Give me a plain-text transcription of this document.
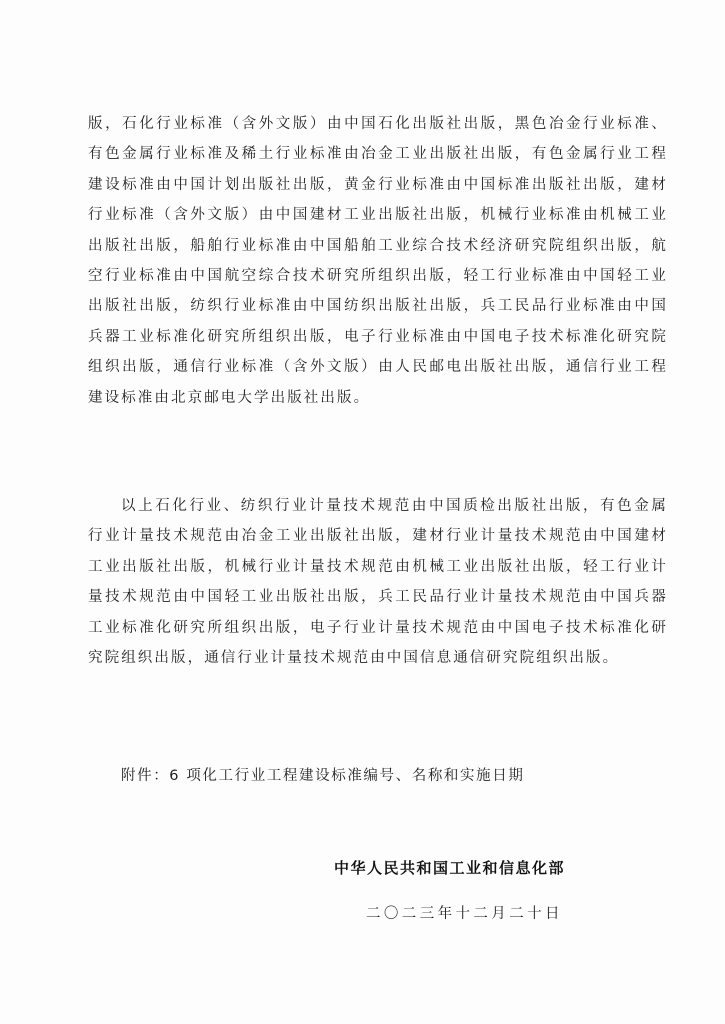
版，石化行业标准（含外文版）由中国石化出版社出版，黑色冶金行业标准、有色金属行业标准及稀土行业标准由冶金工业出版社出版，有色金属行业工程建设标准由中国计划出版社出版，黄金行业标准由中国标准出版社出版，建材行业标准（含外文版）由中国建材工业出版社出版，机械行业标准由机械工业出版社出版，船舶行业标准由中国船舶工业综合技术经济研究院组织出版，航空行业标准由中国航空综合技术研究所组织出版，轻工行业标准由中国轻工业出版社出版，纺织行业标准由中国纺织出版社出版，兵工民品行业标准由中国兵器工业标准化研究所组织出版，电子行业标准由中国电子技术标准化研究院组织出版，通信行业标准（含外文版）由人民邮电出版社出版，通信行业工程建设标准由北京邮电大学出版社出版。

以上石化行业、纺织行业计量技术规范由中国质检出版社出版，有色金属行业计量技术规范由冶金工业出版社出版，建材行业计量技术规范由中国建材工业出版社出版，机械行业计量技术规范由机械工业出版社出版，轻工行业计量技术规范由中国轻工业出版社出版，兵工民品行业计量技术规范由中国兵器工业标准化研究所组织出版，电子行业计量技术规范由中国电子技术标准化研究院组织出版，通信行业计量技术规范由中国信息通信研究院组织出版。

附件：6 项化工行业工程建设标准编号、名称和实施日期

中华人民共和国工业和信息化部

二〇二三年十二月二十日
